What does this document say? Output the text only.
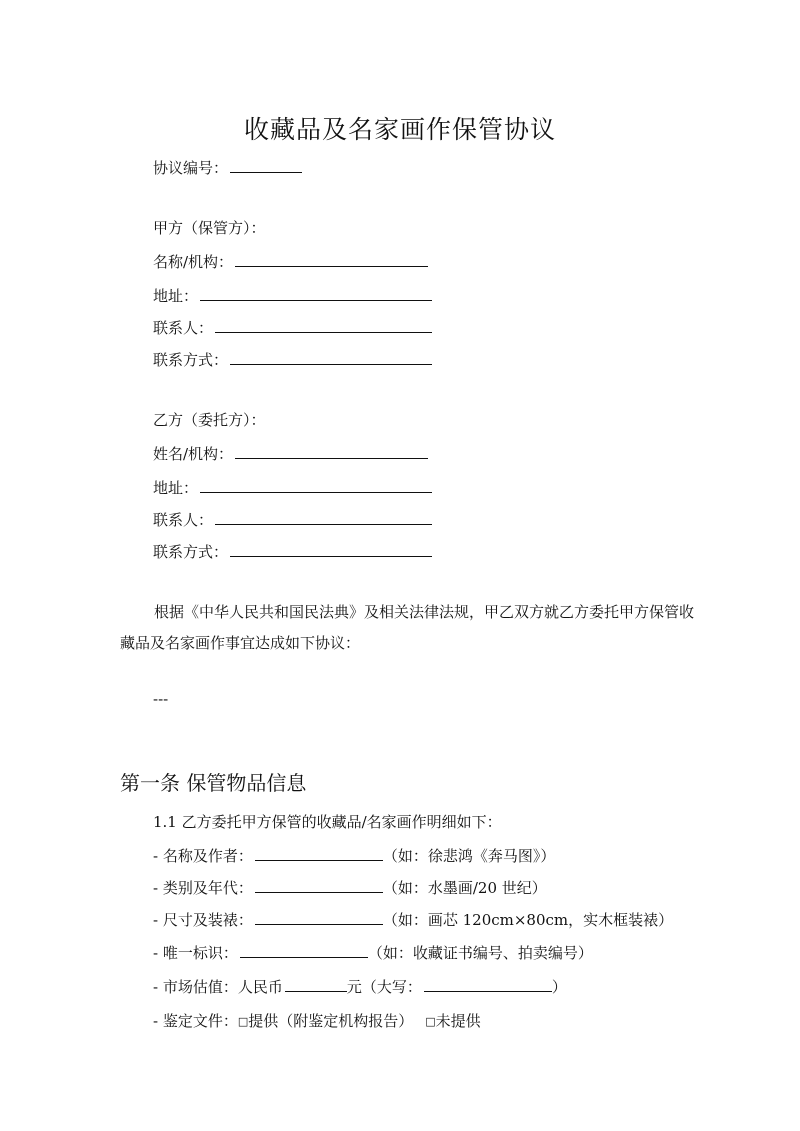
收藏品及名家画作保管协议
协议编号：
甲方（保管方）：
名称/机构：
地址：
联系人：
联系方式：
乙方（委托方）：
姓名/机构：
地址：
联系人：
联系方式：
根据《中华人民共和国民法典》及相关法律法规，甲乙双方就乙方委托甲方保管收藏品及名家画作事宜达成如下协议：
---
第一条 保管物品信息
1.1 乙方委托甲方保管的收藏品/名家画作明细如下：
- 名称及作者：	（如：徐悲鸿《奔马图》）
- 类别及年代：	（如：水墨画/20 世纪）
- 尺寸及装裱：	（如：画芯 120cm×80cm，实木框装裱）
- 唯一标识：	（如：收藏证书编号、拍卖编号）
- 市场估值：人民币	元（大写：	）
- 鉴定文件：□提供（附鉴定机构报告） □未提供
